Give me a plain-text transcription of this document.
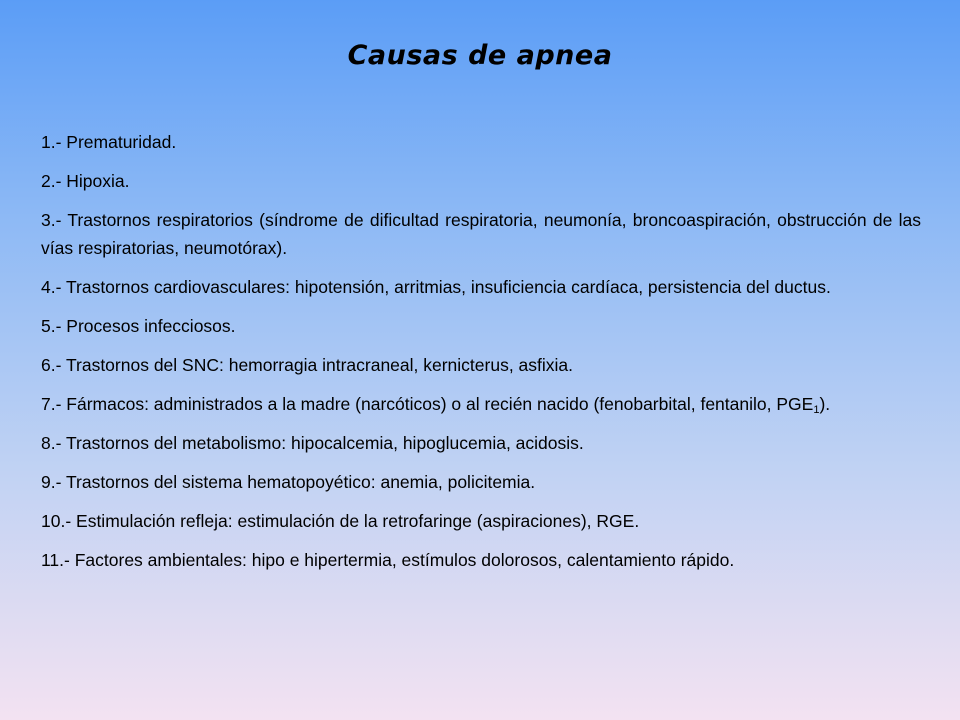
Causas de apnea
1.- Prematuridad.
2.- Hipoxia.
3.- Trastornos respiratorios (síndrome de dificultad respiratoria, neumonía, broncoaspiración, obstrucción de las vías respiratorias, neumotórax).
4.- Trastornos cardiovasculares: hipotensión, arritmias, insuficiencia cardíaca, persistencia del ductus.
5.- Procesos infecciosos.
6.- Trastornos del SNC: hemorragia intracraneal, kernicterus, asfixia.
7.- Fármacos: administrados a la madre (narcóticos) o al recién nacido (fenobarbital, fentanilo, $PGE_1$).
8.- Trastornos del metabolismo: hipocalcemia, hipoglucemia, acidosis.
9.- Trastornos del sistema hematopoyético: anemia, policitemia.
10.- Estimulación refleja: estimulación de la retrofaringe (aspiraciones), RGE.
11.- Factores ambientales: hipo e hipertermia, estímulos dolorosos, calentamiento rápido.
